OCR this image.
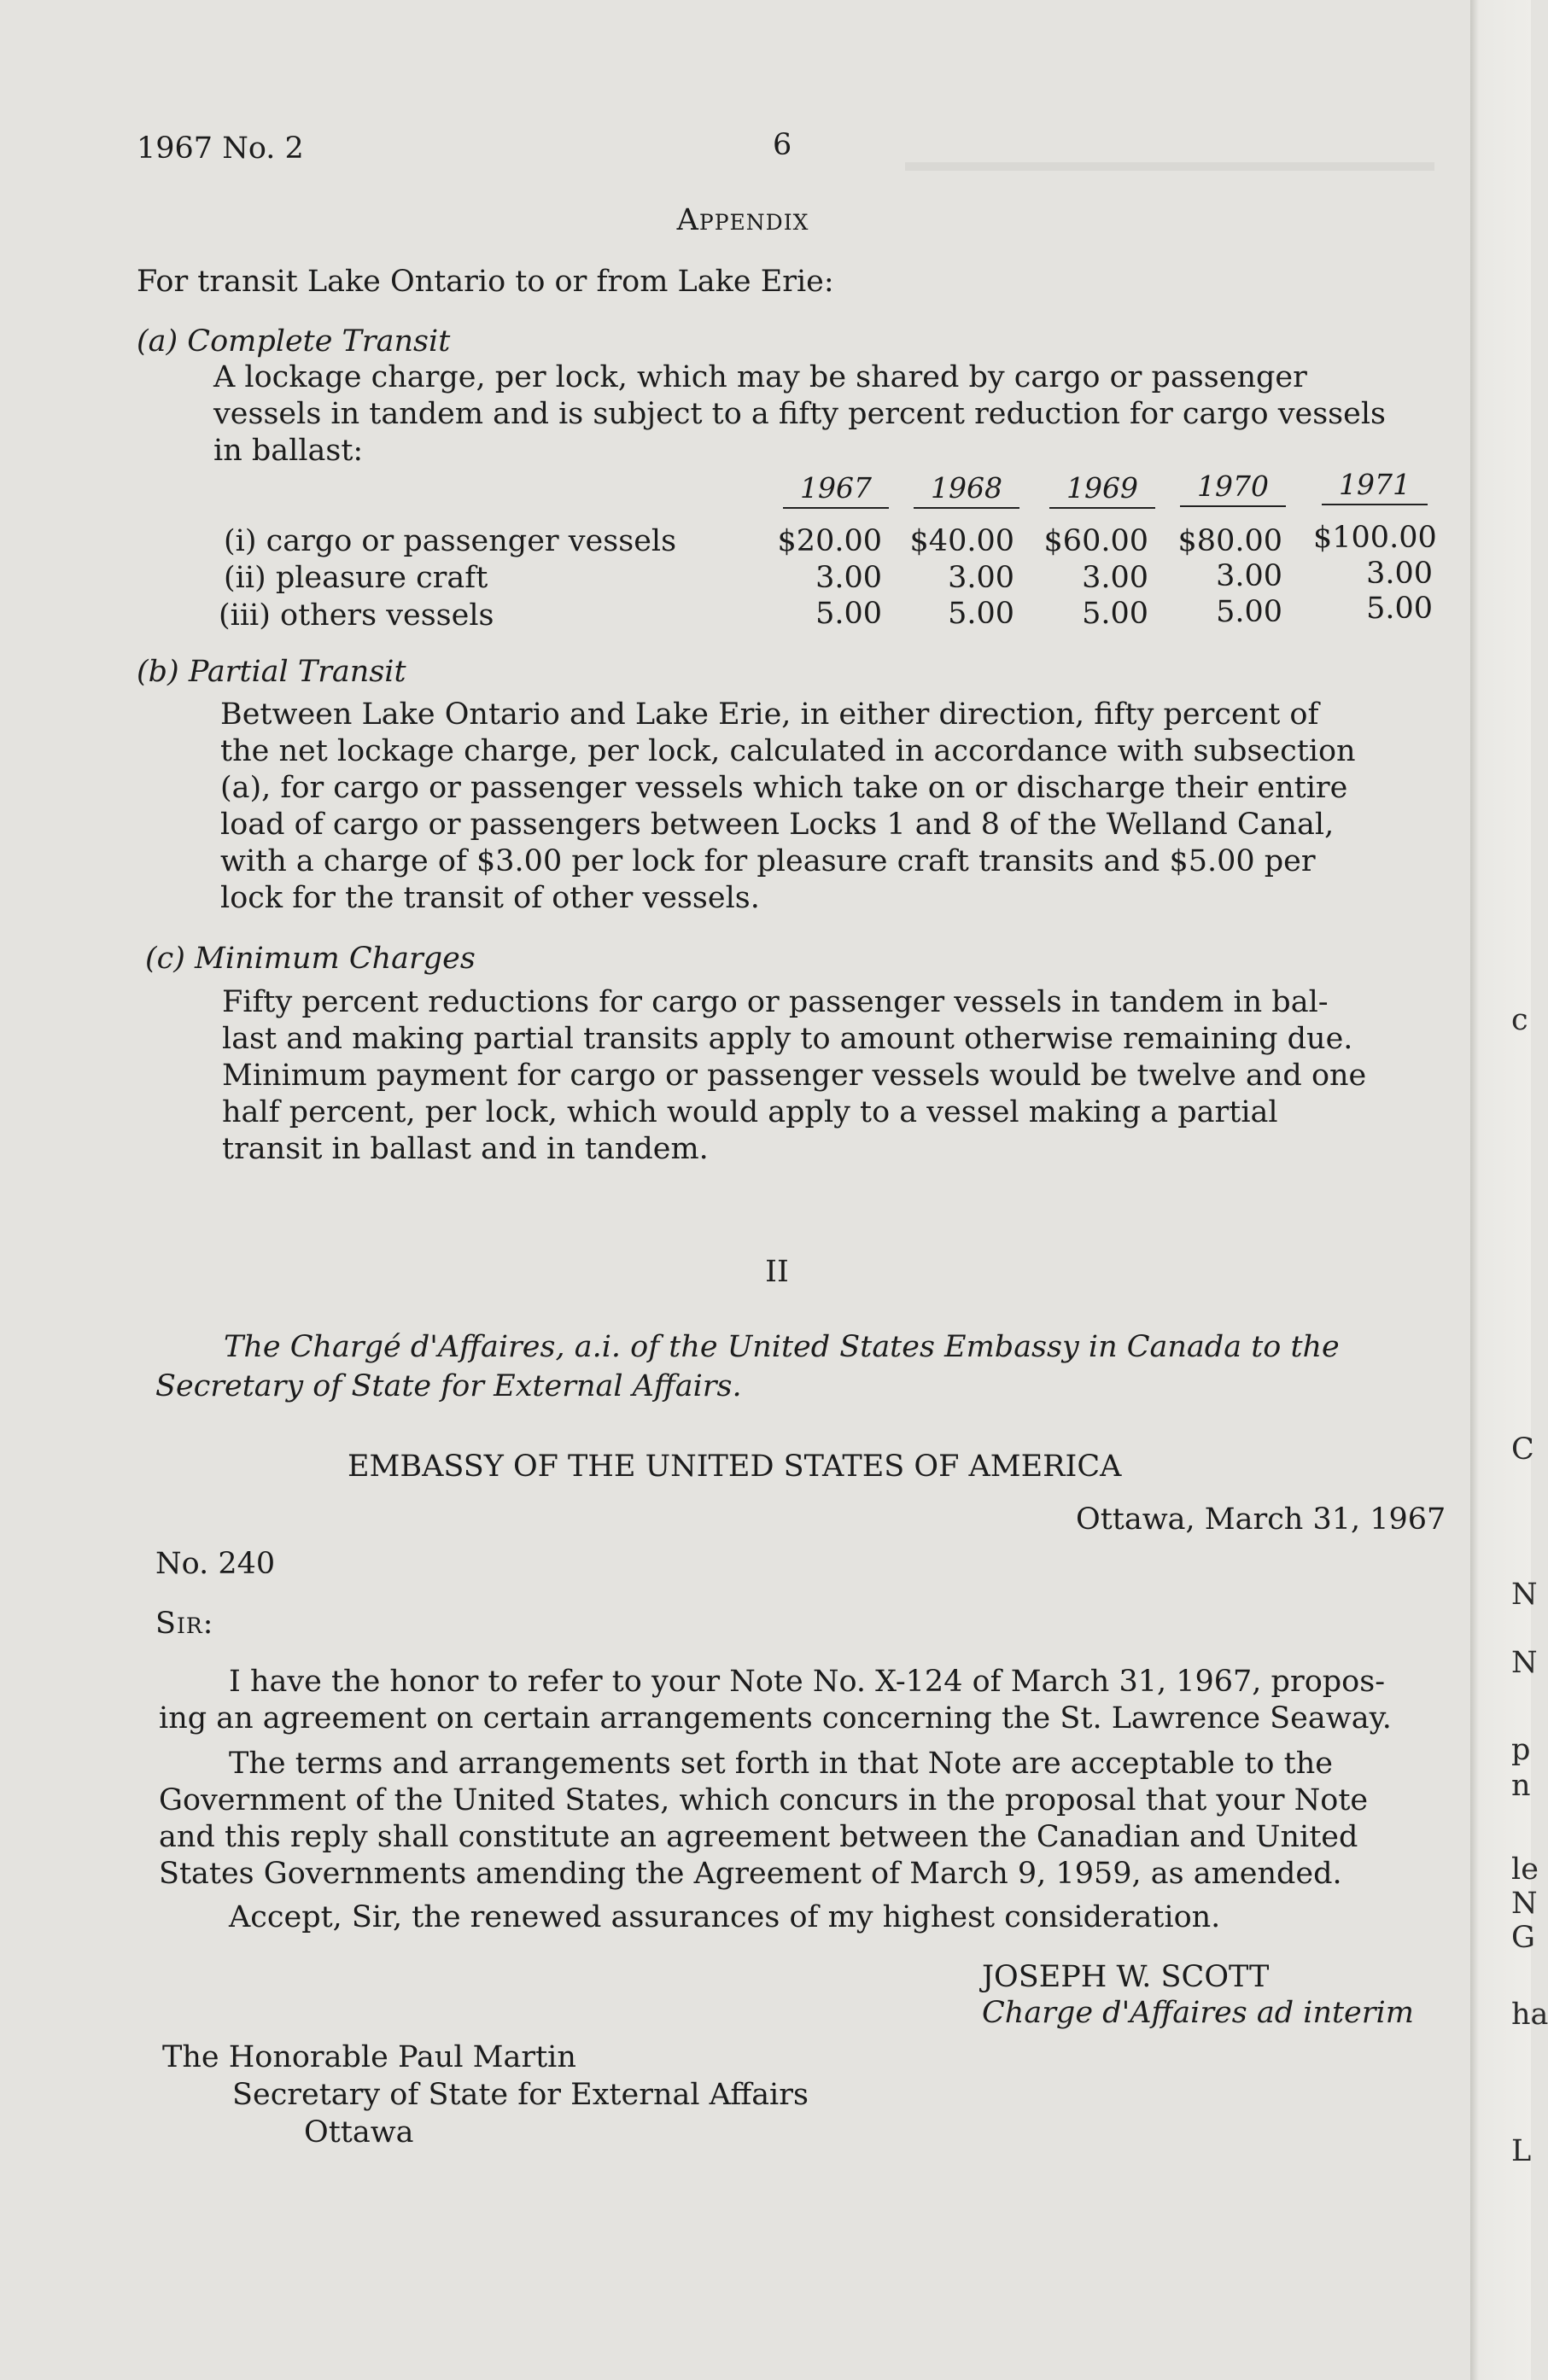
1967 No. 2	6
Appendix
For transit Lake Ontario to or from Lake Erie:
(a) Complete Transit
A lockage charge, per lock, which may be shared by cargo or passenger
vessels in tandem and is subject to a fifty percent reduction for cargo vessels
in ballast:
1967	1968	1969	1970	1971
(i) cargo or passenger vessels	$20.00 $40.00 $60.00 $80.00 $100.00
(ii) pleasure craft	3.00	3.00	3.00	3.00	3.00
(iii) others vessels	5.00	5.00	5.00	5.00	5.00
(b) Partial Transit
Between Lake Ontario and Lake Erie, in either direction, fifty percent of
the net lockage charge, per lock, calculated in accordance with subsection
(a), for cargo or passenger vessels which take on or discharge their entire
load of cargo or passengers between Locks 1 and 8 of the Welland Canal,
with a charge of $3.00 per lock for pleasure craft transits and $5.00 per
lock for the transit of other vessels.
(c) Minimum Charges
Fifty percent reductions for cargo or passenger vessels in tandem in bal-
last and making partial transits apply to amount otherwise remaining due.
Minimum payment for cargo or passenger vessels would be twelve and one
half percent, per lock, which would apply to a vessel making a partial
transit in ballast and in tandem.
II
The Chargé d'Affaires, a.i. of the United States Embassy in Canada to the
Secretary of State for External Affairs.
EMBASSY OF THE UNITED STATES OF AMERICA
Ottawa, March 31, 1967
No. 240
Sir:
I have the honor to refer to your Note No. X-124 of March 31, 1967, propos-
ing an agreement on certain arrangements concerning the St. Lawrence Seaway.
The terms and arrangements set forth in that Note are acceptable to the
Government of the United States, which concurs in the proposal that your Note
and this reply shall constitute an agreement between the Canadian and United
States Governments amending the Agreement of March 9, 1959, as amended.
Accept, Sir, the renewed assurances of my highest consideration.
JOSEPH W. SCOTT
Charge d'Affaires ad interim
The Honorable Paul Martin
Secretary of State for External Affairs
Ottawa
c
C
N
N
p
n
le
N
G
ha
L
